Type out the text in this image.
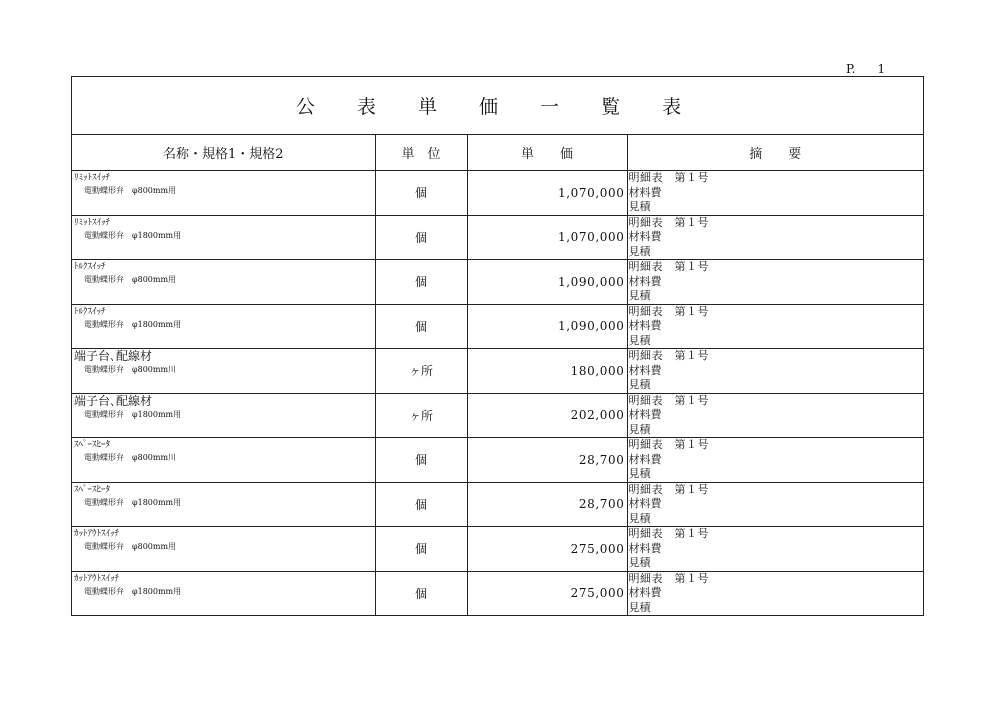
P. 1
公 表 単 価 一 覧 表
名称・規格1・規格2	単　位	単　　価	摘　　要

ﾘﾐｯﾄｽｲｯﾁ
電動蝶形弁　φ800mm用	個	1,070,000	明細表　第１号
材料費
見積

ﾘﾐｯﾄｽｲｯﾁ
電動蝶形弁　φ1800mm用	個	1,070,000	明細表　第１号
材料費
見積

ﾄﾙｸｽｲｯﾁ
電動蝶形弁　φ800mm用	個	1,090,000	明細表　第１号
材料費
見積

ﾄﾙｸｽｲｯﾁ
電動蝶形弁　φ1800mm用	個	1,090,000	明細表　第１号
材料費
見積

端子台､配線材
電動蝶形弁　φ800mm川	ヶ所	180,000	明細表　第１号
材料費
見積

端子台､配線材
電動蝶形弁　φ1800mm用	ヶ所	202,000	明細表　第１号
材料費
見積

ｽﾍﾟｰｽﾋｰﾀ
電動蝶形弁　φ800mm川	個	28,700	明細表　第１号
材料費
見積

ｽﾍﾟｰｽﾋｰﾀ
電動蝶形弁　φ1800mm用	個	28,700	明細表　第１号
材料費
見積

ｶｯﾄｱｳﾄｽｲｯﾁ
電動蝶形弁　φ800mm用	個	275,000	明細表　第１号
材料費
見積

ｶｯﾄｱｳﾄｽｲｯﾁ
電動蝶形弁　φ1800mm用	個	275,000	明細表　第１号
材料費
見積
